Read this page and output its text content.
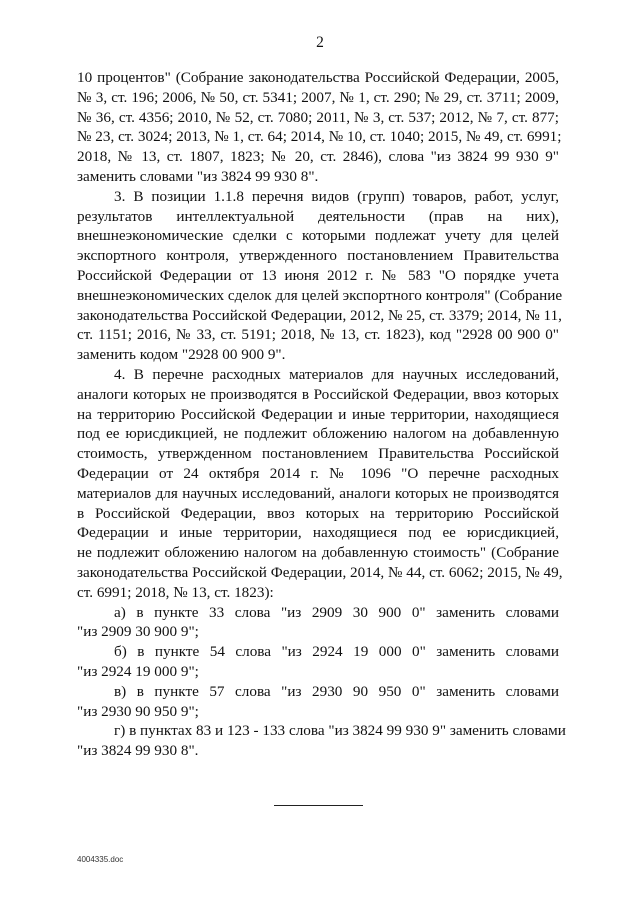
2
10 процентов" (Собрание законодательства Российской Федерации, 2005,
№ 3, ст. 196; 2006, № 50, ст. 5341; 2007, № 1, ст. 290; № 29, ст. 3711; 2009,
№ 36, ст. 4356; 2010, № 52, ст. 7080; 2011, № 3, ст. 537; 2012, № 7, ст. 877;
№ 23, ст. 3024; 2013, № 1, ст. 64; 2014, № 10, ст. 1040; 2015, № 49, ст. 6991;
2018, № 13, ст. 1807, 1823; № 20, ст. 2846), слова "из 3824 99 930 9"
заменить словами "из 3824 99 930 8".
3. В позиции 1.1.8 перечня видов (групп) товаров, работ, услуг,
результатов интеллектуальной деятельности (прав на них),
внешнеэкономические сделки с которыми подлежат учету для целей
экспортного контроля, утвержденного постановлением Правительства
Российской Федерации от 13 июня 2012 г. № 583 "О порядке учета
внешнеэкономических сделок для целей экспортного контроля" (Собрание
законодательства Российской Федерации, 2012, № 25, ст. 3379; 2014, № 11,
ст. 1151; 2016, № 33, ст. 5191; 2018, № 13, ст. 1823), код "2928 00 900 0"
заменить кодом "2928 00 900 9".
4. В перечне расходных материалов для научных исследований,
аналоги которых не производятся в Российской Федерации, ввоз которых
на территорию Российской Федерации и иные территории, находящиеся
под ее юрисдикцией, не подлежит обложению налогом на добавленную
стоимость, утвержденном постановлением Правительства Российской
Федерации от 24 октября 2014 г. № 1096 "О перечне расходных
материалов для научных исследований, аналоги которых не производятся
в Российской Федерации, ввоз которых на территорию Российской
Федерации и иные территории, находящиеся под ее юрисдикцией,
не подлежит обложению налогом на добавленную стоимость" (Собрание
законодательства Российской Федерации, 2014, № 44, ст. 6062; 2015, № 49,
ст. 6991; 2018, № 13, ст. 1823):
а) в пункте 33 слова "из 2909 30 900 0" заменить словами
"из 2909 30 900 9";
б) в пункте 54 слова "из 2924 19 000 0" заменить словами
"из 2924 19 000 9";
в) в пункте 57 слова "из 2930 90 950 0" заменить словами
"из 2930 90 950 9";
г) в пунктах 83 и 123 - 133 слова "из 3824 99 930 9" заменить словами
"из 3824 99 930 8".
4004335.doc
